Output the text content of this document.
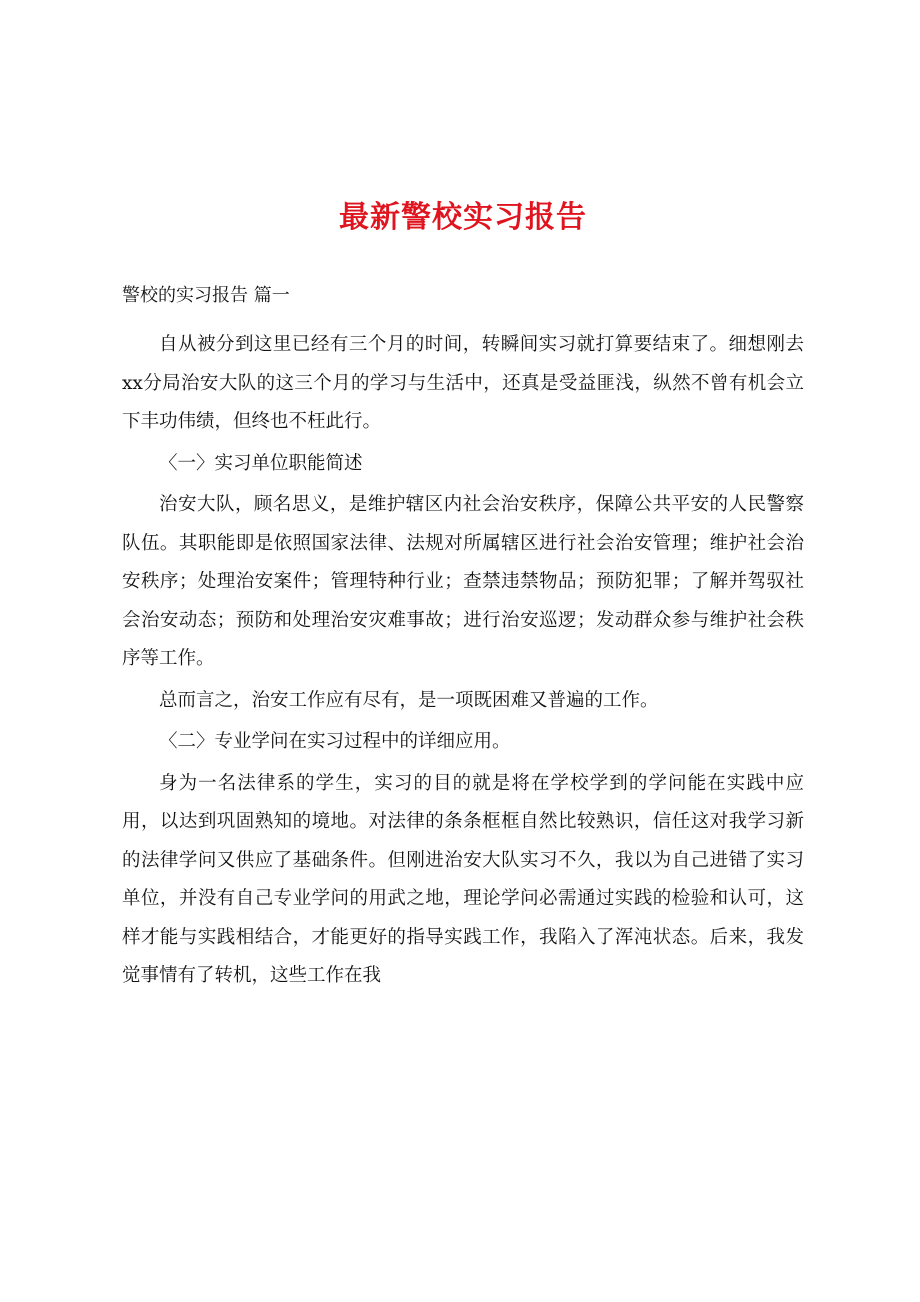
最新警校实习报告

警校的实习报告 篇一

自从被分到这里已经有三个月的时间，转瞬间实习就打算要结束了。细想刚去xx分局治安大队的这三个月的学习与生活中，还真是受益匪浅，纵然不曾有机会立下丰功伟绩，但终也不枉此行。

〈一〉实习单位职能简述

治安大队，顾名思义，是维护辖区内社会治安秩序，保障公共平安的人民警察队伍。其职能即是依照国家法律、法规对所属辖区进行社会治安管理；维护社会治安秩序；处理治安案件；管理特种行业；查禁违禁物品；预防犯罪；了解并驾驭社会治安动态；预防和处理治安灾难事故；进行治安巡逻；发动群众参与维护社会秩序等工作。

总而言之，治安工作应有尽有，是一项既困难又普遍的工作。

〈二〉专业学问在实习过程中的详细应用。

身为一名法律系的学生，实习的目的就是将在学校学到的学问能在实践中应用，以达到巩固熟知的境地。对法律的条条框框自然比较熟识，信任这对我学习新的法律学问又供应了基础条件。但刚进治安大队实习不久，我以为自己进错了实习单位，并没有自己专业学问的用武之地，理论学问必需通过实践的检验和认可，这样才能与实践相结合，才能更好的指导实践工作，我陷入了浑沌状态。后来，我发觉事情有了转机，这些工作在我
